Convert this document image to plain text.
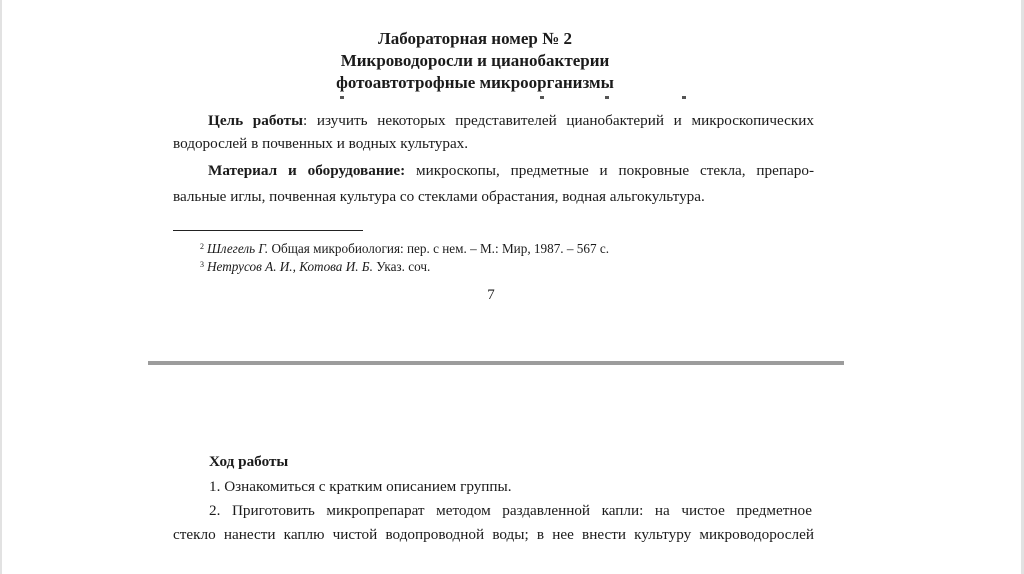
Лабораторная номер № 2
Микроводоросли и цианобактерии
фотоавтотрофные микроорганизмы
Цель работы: изучить некоторых представителей цианобактерий и микроскопических
водорослей в почвенных и водных культурах.
Материал и оборудование: микроскопы, предметные и покровные стекла, препаро-
вальные иглы, почвенная культура со стеклами обрастания, водная альгокультура.
$^2$ Шлегель Г. Общая микробиология: пер. с нем. – М.: Мир, 1987. – 567 с.
$^3$ Нетрусов А. И., Котова И. Б. Указ. соч.
7
Ход работы
1. Ознакомиться с кратким описанием группы.
2. Приготовить микропрепарат методом раздавленной капли: на чистое предметное
стекло нанести каплю чистой водопроводной воды; в нее внести культуру микроводорослей
